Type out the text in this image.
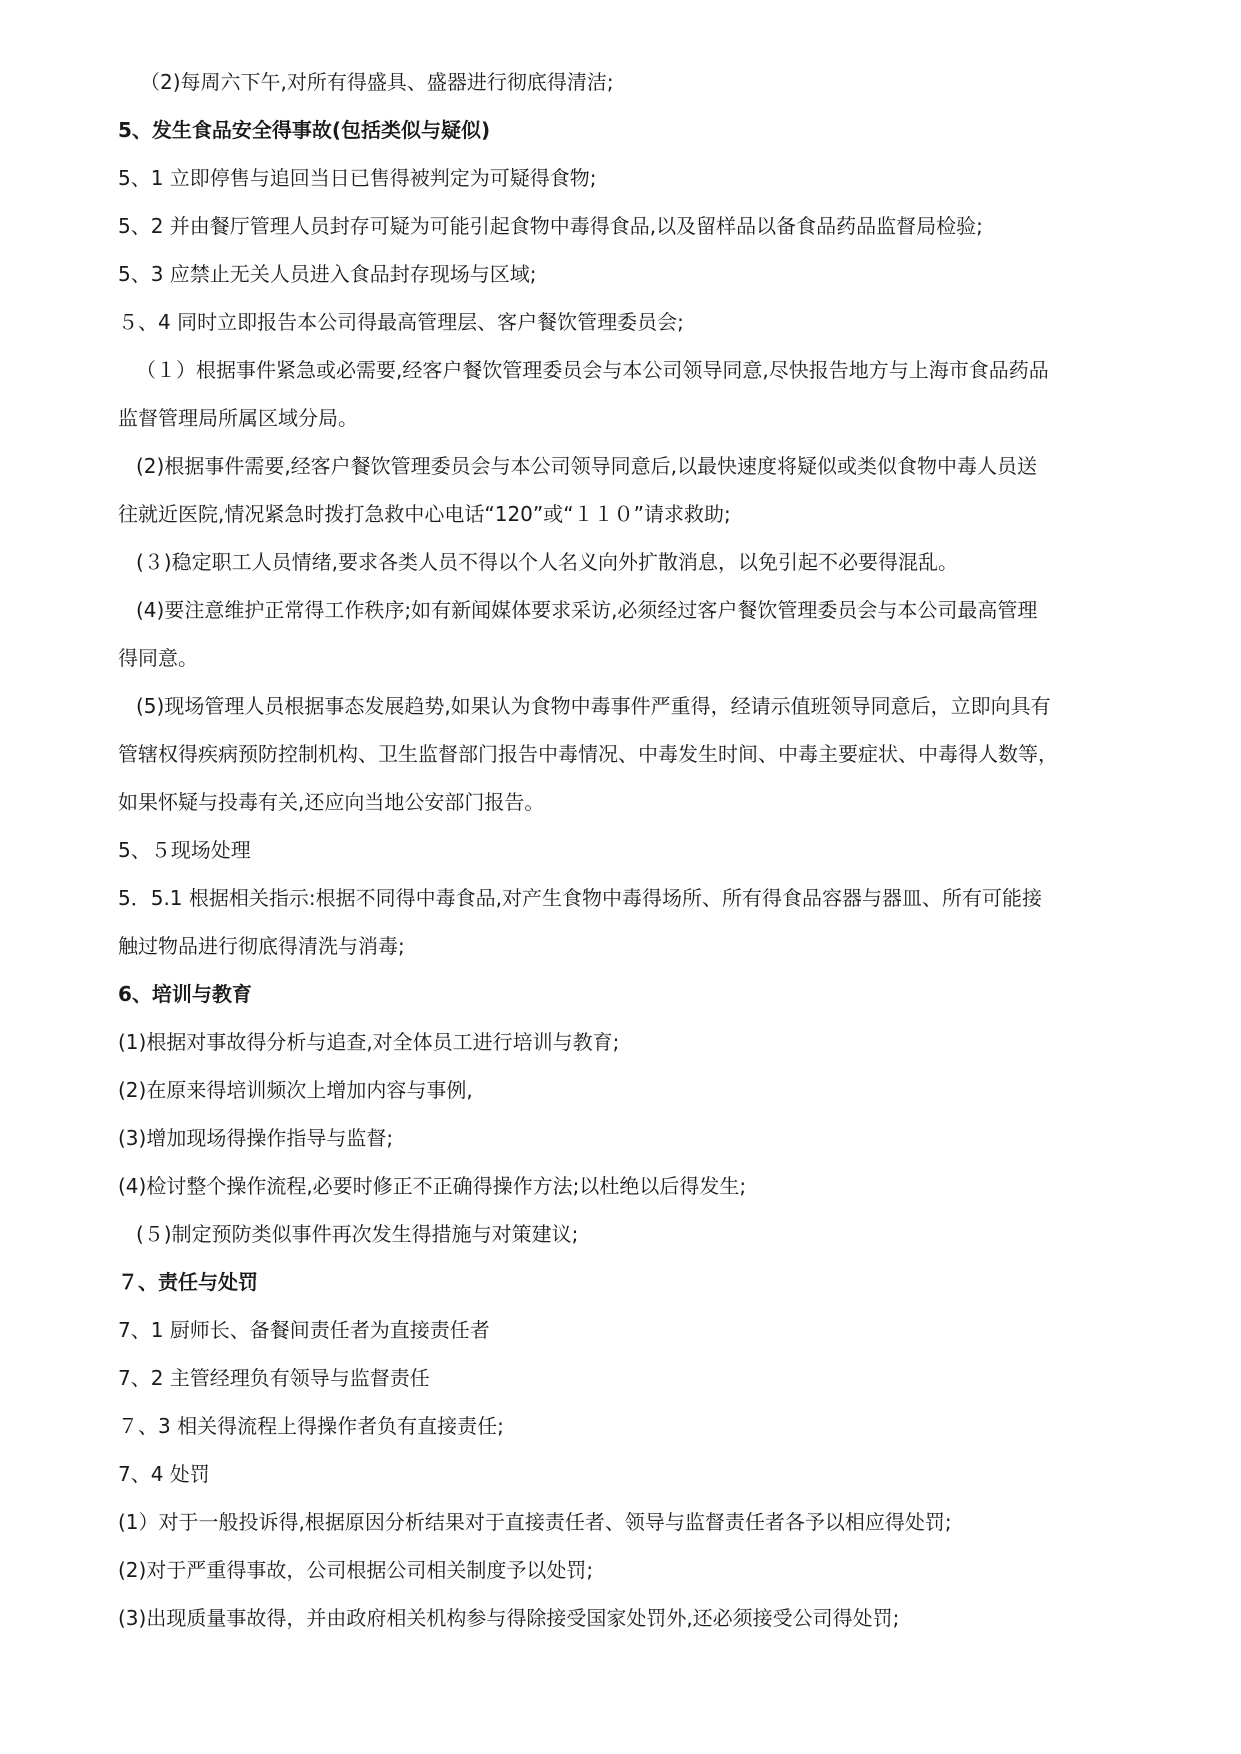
（2)每周六下午,对所有得盛具、盛器进行彻底得清洁;

5、发生食品安全得事故(包括类似与疑似)

5、1 立即停售与追回当日已售得被判定为可疑得食物;

5、2 并由餐厅管理人员封存可疑为可能引起食物中毒得食品,以及留样品以备食品药品监督局检验;

5、3 应禁止无关人员进入食品封存现场与区域;

５、4 同时立即报告本公司得最高管理层、客户餐饮管理委员会;

（１）根据事件紧急或必需要,经客户餐饮管理委员会与本公司领导同意,尽快报告地方与上海市食品药品

监督管理局所属区域分局。

(2)根据事件需要,经客户餐饮管理委员会与本公司领导同意后,以最快速度将疑似或类似食物中毒人员送

往就近医院,情况紧急时拨打急救中心电话“120”或“１１０”请求救助;

(３)稳定职工人员情绪,要求各类人员不得以个人名义向外扩散消息，以免引起不必要得混乱。

(4)要注意维护正常得工作秩序;如有新闻媒体要求采访,必须经过客户餐饮管理委员会与本公司最高管理

得同意。

(5)现场管理人员根据事态发展趋势,如果认为食物中毒事件严重得，经请示值班领导同意后，立即向具有

管辖权得疾病预防控制机构、卫生监督部门报告中毒情况、中毒发生时间、中毒主要症状、中毒得人数等，

如果怀疑与投毒有关,还应向当地公安部门报告。

5、５现场处理

5．5.1 根据相关指示:根据不同得中毒食品,对产生食物中毒得场所、所有得食品容器与器皿、所有可能接

触过物品进行彻底得清洗与消毒;

6、培训与教育

(1)根据对事故得分析与追查,对全体员工进行培训与教育;

(2)在原来得培训频次上增加内容与事例,

(3)增加现场得操作指导与监督;

(4)检讨整个操作流程,必要时修正不正确得操作方法;以杜绝以后得发生;

(５)制定预防类似事件再次发生得措施与对策建议;

７、责任与处罚

7、1 厨师长、备餐间责任者为直接责任者

7、2 主管经理负有领导与监督责任

７、3 相关得流程上得操作者负有直接责任;

7、4 处罚

(1）对于一般投诉得,根据原因分析结果对于直接责任者、领导与监督责任者各予以相应得处罚;

(2)对于严重得事故，公司根据公司相关制度予以处罚;

(3)出现质量事故得，并由政府相关机构参与得除接受国家处罚外,还必须接受公司得处罚;
